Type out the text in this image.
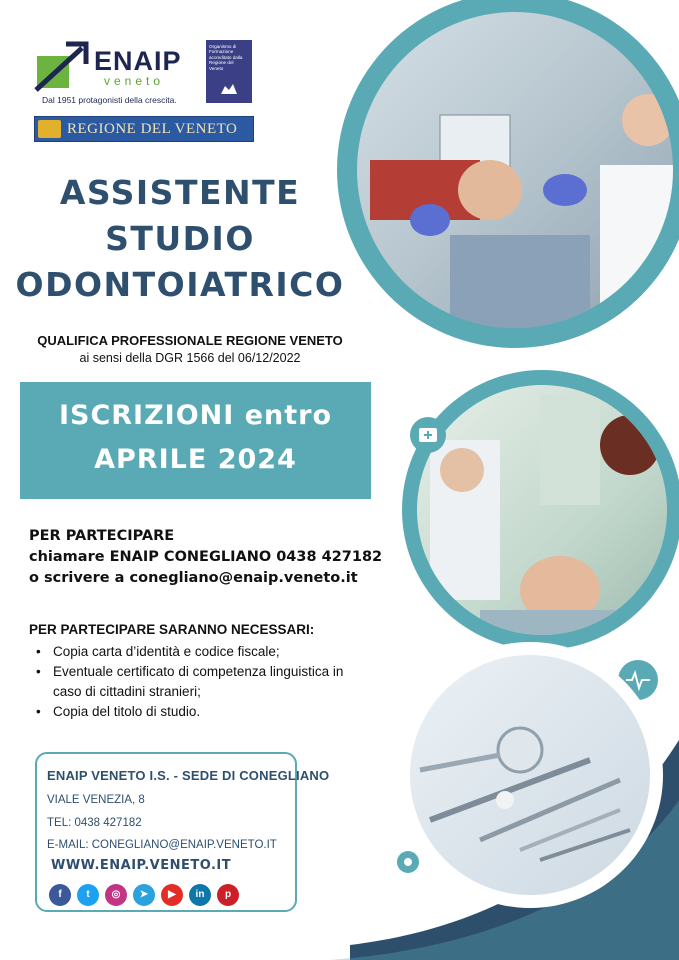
ENAIP
veneto
Dal 1951 protagonisti della crescita.
Organismo di Formazione accreditato dalla Regione del Veneto
REGIONE DEL VENETO
ASSISTENTE
STUDIO
ODONTOIATRICO
QUALIFICA PROFESSIONALE REGIONE VENETO
ai sensi della DGR 1566 del 06/12/2022
ISCRIZIONI entro
APRILE 2024
PER PARTECIPARE
chiamare ENAIP CONEGLIANO 0438 427182
o scrivere a conegliano@enaip.veneto.it
PER PARTECIPARE SARANNO NECESSARI:
• Copia carta d’identità e codice fiscale;
• Eventuale certificato di competenza linguistica in caso di cittadini stranieri;
• Copia del titolo di studio.
ENAIP VENETO I.S. - SEDE DI CONEGLIANO
VIALE VENEZIA, 8
TEL: 0438 427182
E-MAIL: CONEGLIANO@ENAIP.VENETO.IT
WWW.ENAIP.VENETO.IT
f	t	◎	➤	▶	in	p
